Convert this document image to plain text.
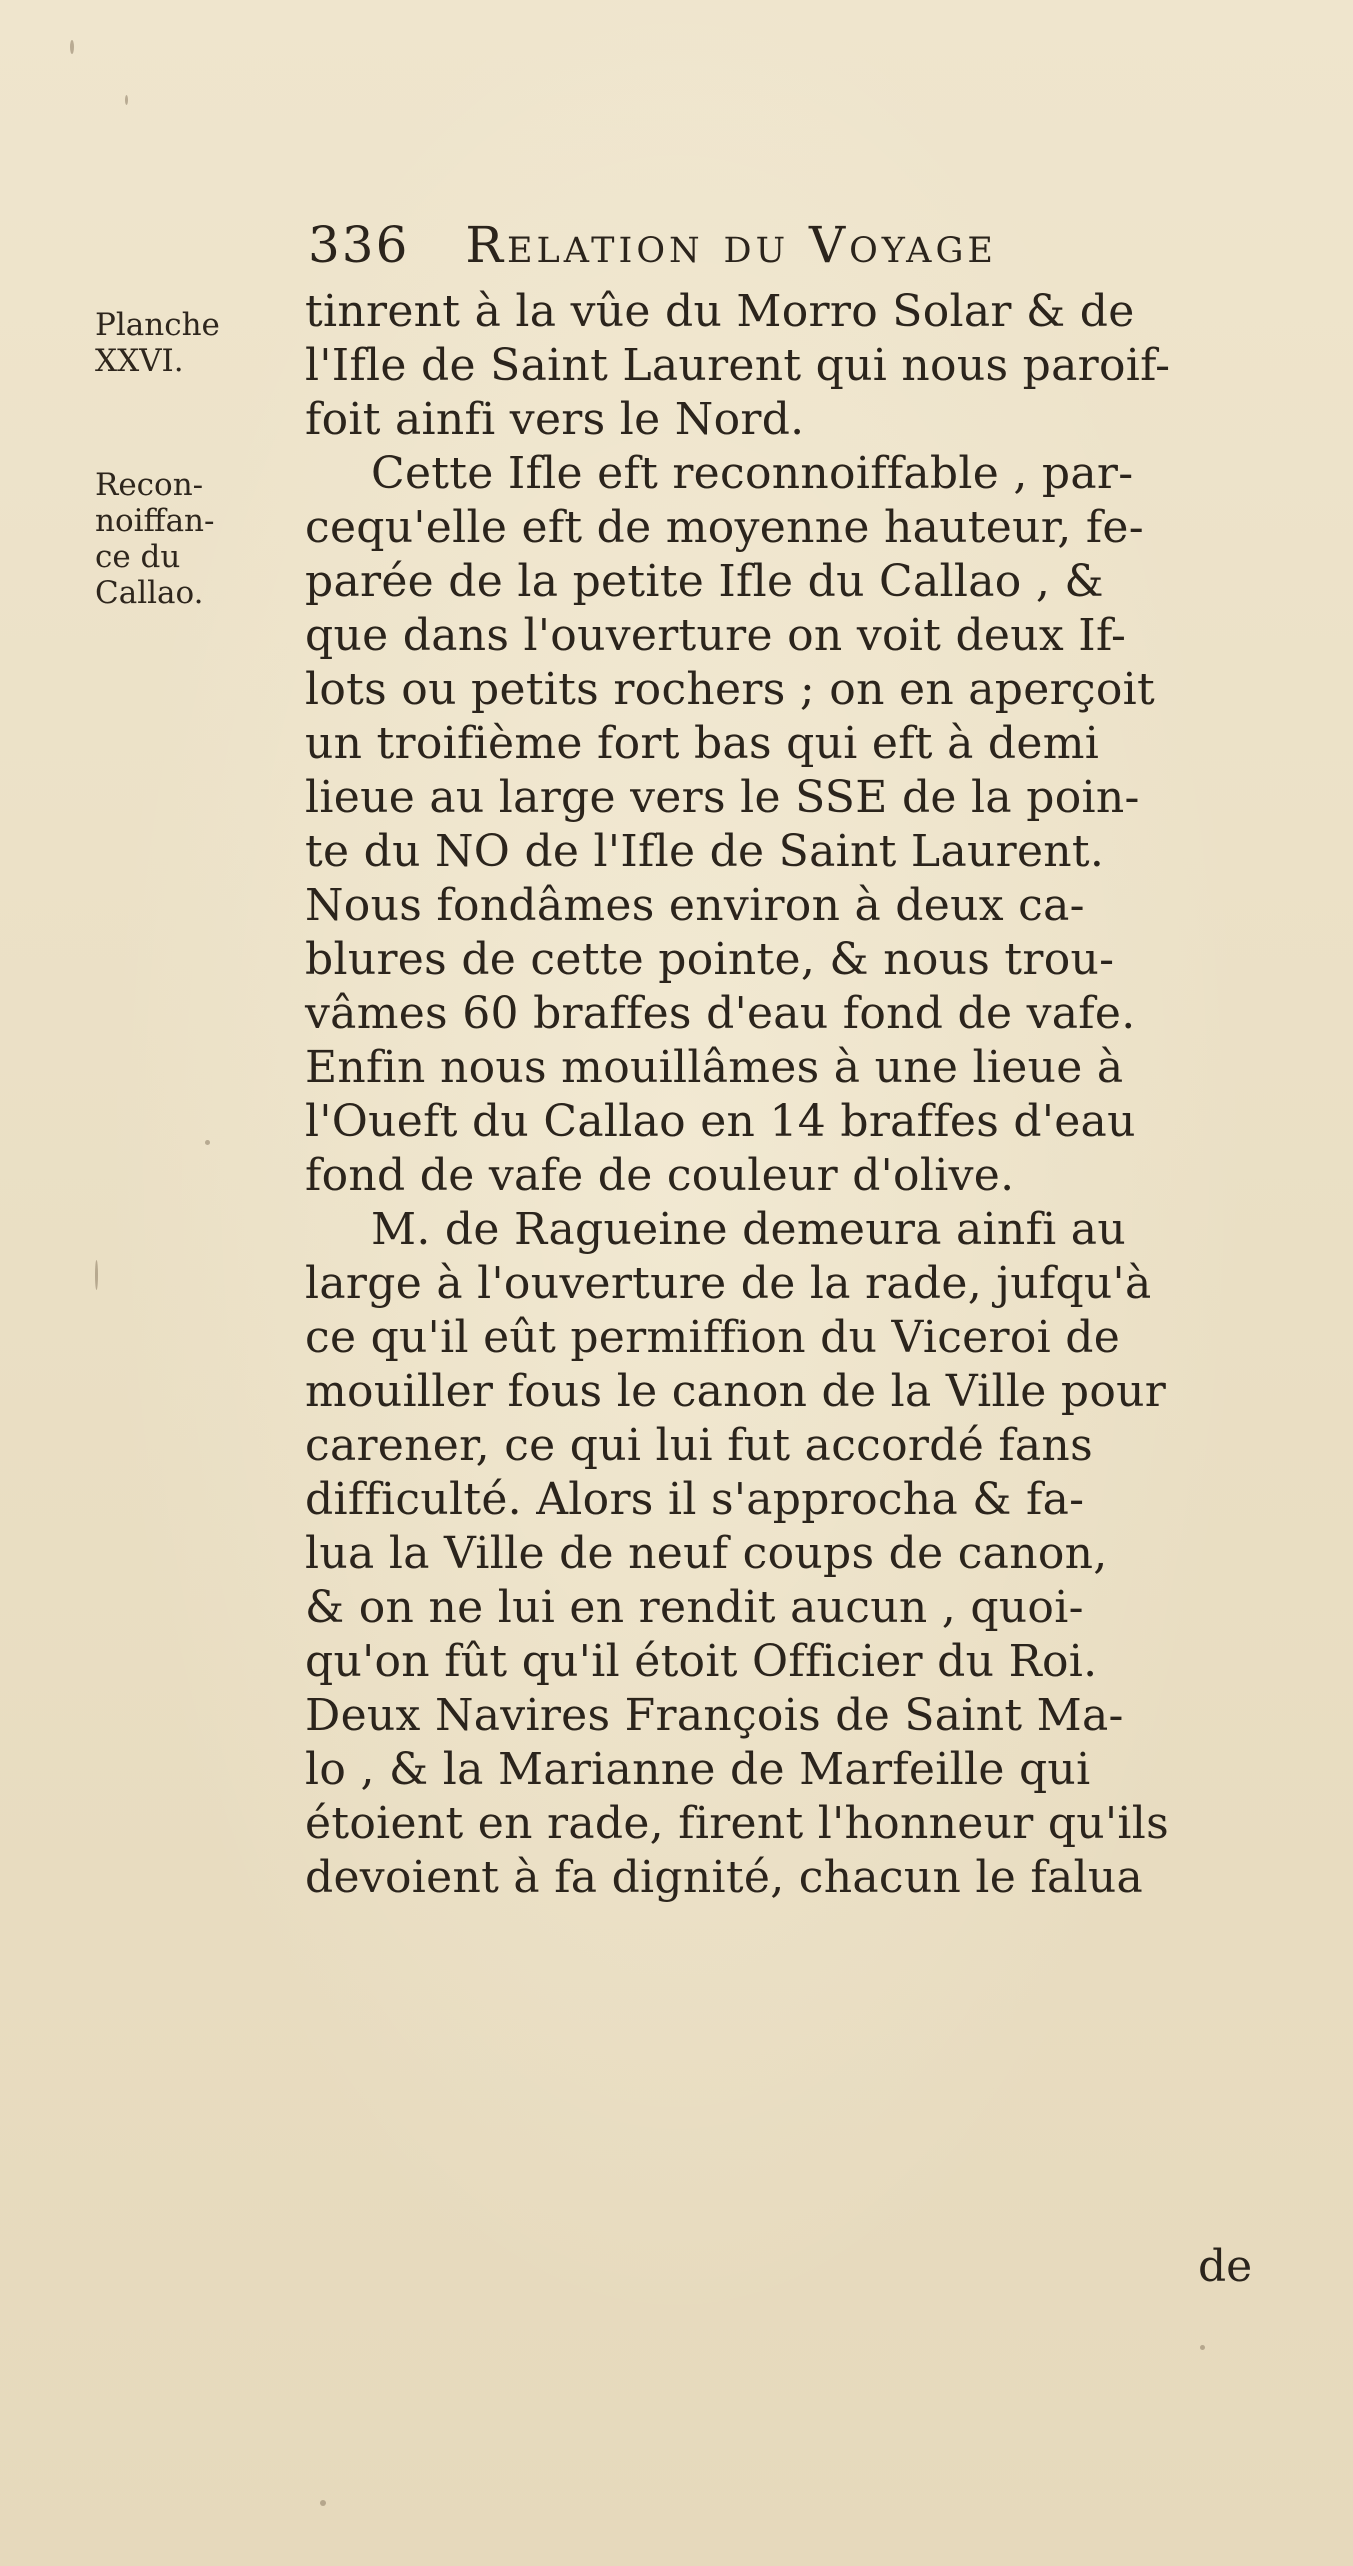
336 Relation du Voyage
Planche
XXVI.
Recon-
noiffan-
ce du
Callao.
tinrent à la vûe du Morro Solar & de
l'Ifle de Saint Laurent qui nous paroif-
foit ainfi vers le Nord.
Cette Ifle eft reconnoiffable , par-
cequ'elle eft de moyenne hauteur, fe-
parée de la petite Ifle du Callao , &
que dans l'ouverture on voit deux If-
lots ou petits rochers ; on en aperçoit
un troifième fort bas qui eft à demi
lieue au large vers le SSE de la poin-
te du NO de l'Ifle de Saint Laurent.
Nous fondâmes environ à deux ca-
blures de cette pointe, & nous trou-
vâmes 60 braffes d'eau fond de vafe.
Enfin nous mouillâmes à une lieue à
l'Oueft du Callao en 14 braffes d'eau
fond de vafe de couleur d'olive.
M. de Ragueine demeura ainfi au
large à l'ouverture de la rade, jufqu'à
ce qu'il eût permiffion du Viceroi de
mouiller fous le canon de la Ville pour
carener, ce qui lui fut accordé fans
difficulté. Alors il s'approcha & fa-
lua la Ville de neuf coups de canon,
& on ne lui en rendit aucun , quoi-
qu'on fût qu'il étoit Officier du Roi.
Deux Navires François de Saint Ma-
lo , & la Marianne de Marfeille qui
étoient en rade, firent l'honneur qu'ils
devoient à fa dignité, chacun le falua
de
